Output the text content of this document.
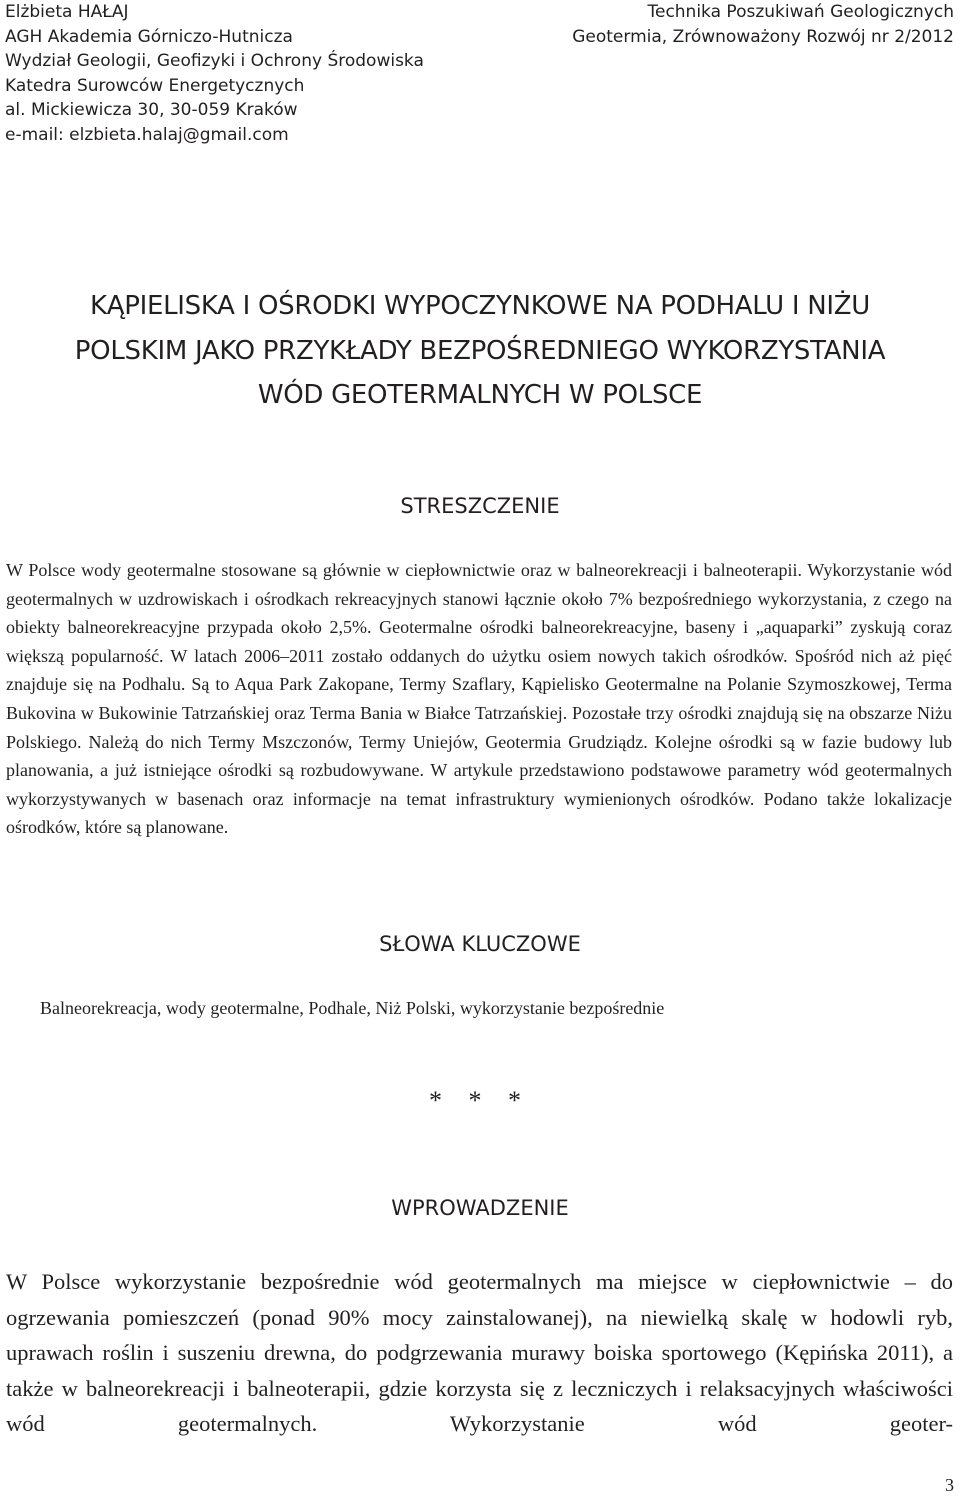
Elżbieta HAŁAJ
AGH Akademia Górniczo-Hutnicza
Wydział Geologii, Geofizyki i Ochrony Środowiska
Katedra Surowców Energetycznych
al. Mickiewicza 30, 30-059 Kraków
e-mail: elzbieta.halaj@gmail.com
Technika Poszukiwań Geologicznych
Geotermia, Zrównoważony Rozwój nr 2/2012
KĄPIELISKA I OŚRODKI WYPOCZYNKOWE NA PODHALU I NIŻU
POLSKIM JAKO PRZYKŁADY BEZPOŚREDNIEGO WYKORZYSTANIA
WÓD GEOTERMALNYCH W POLSCE
STRESZCZENIE
W Polsce wody geotermalne stosowane są głównie w ciepłownictwie oraz w balneorekreacji i balneoterapii. Wykorzystanie wód geotermalnych w uzdrowiskach i ośrodkach rekreacyjnych stanowi łącznie około 7% bezpośredniego wykorzystania, z czego na obiekty balneorekreacyjne przypada około 2,5%. Geotermalne ośrodki balneorekreacyjne, baseny i „aquaparki” zyskują coraz większą popularność. W latach 2006–2011 zostało oddanych do użytku osiem nowych takich ośrodków. Spośród nich aż pięć znajduje się na Podhalu. Są to Aqua Park Zakopane, Termy Szaflary, Kąpielisko Geotermalne na Polanie Szymoszkowej, Terma Bukovina w Bukowinie Tatrzańskiej oraz Terma Bania w Białce Tatrzańskiej. Pozostałe trzy ośrodki znajdują się na obszarze Niżu Polskiego. Należą do nich Termy Mszczonów, Termy Uniejów, Geotermia Grudziądz. Kolejne ośrodki są w fazie budowy lub planowania, a już istniejące ośrodki są rozbudowywane. W artykule przedstawiono podstawowe parametry wód geotermalnych wykorzystywanych w basenach oraz informacje na temat infrastruktury wymienionych ośrodków. Podano także lokalizacje ośrodków, które są planowane.
SŁOWA KLUCZOWE
Balneorekreacja, wody geotermalne, Podhale, Niż Polski, wykorzystanie bezpośrednie
* * *
WPROWADZENIE
W Polsce wykorzystanie bezpośrednie wód geotermalnych ma miejsce w ciepłownictwie – do ogrzewania pomieszczeń (ponad 90% mocy zainstalowanej), na niewielką skalę w hodowli ryb, uprawach roślin i suszeniu drewna, do podgrzewania murawy boiska sportowego (Kępińska 2011), a także w balneorekreacji i balneoterapii, gdzie korzysta się z leczniczych i relaksacyjnych właściwości wód geotermalnych. Wykorzystanie wód geoter-
3
